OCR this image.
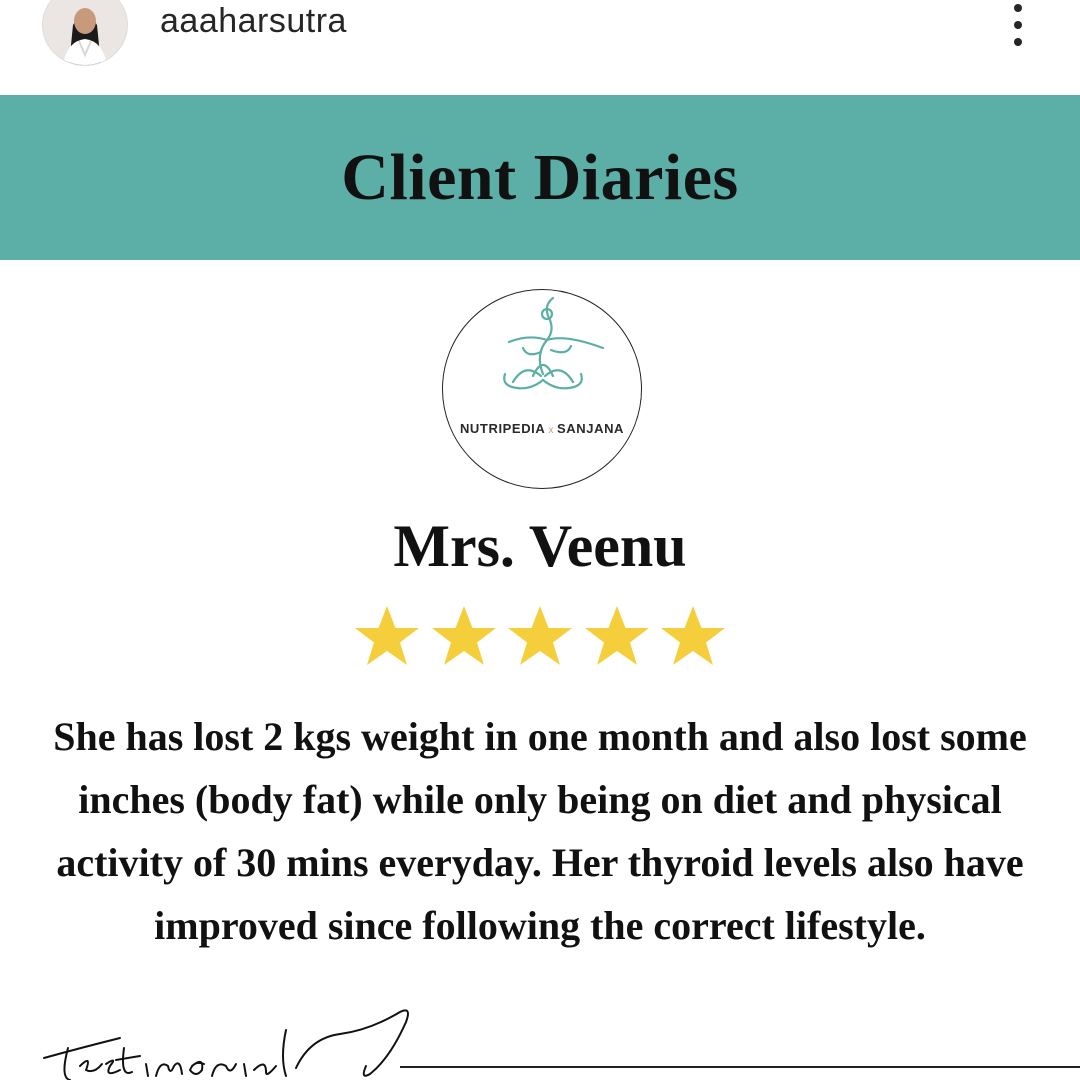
aaaharsutra
Client Diaries
NUTRIPEDIA x SANJANA
Mrs. Veenu
She has lost 2 kgs weight in one month and also lost some inches (body fat) while only being on diet and physical activity of 30 mins everyday. Her thyroid levels also have improved since following the correct lifestyle.
testimonials
